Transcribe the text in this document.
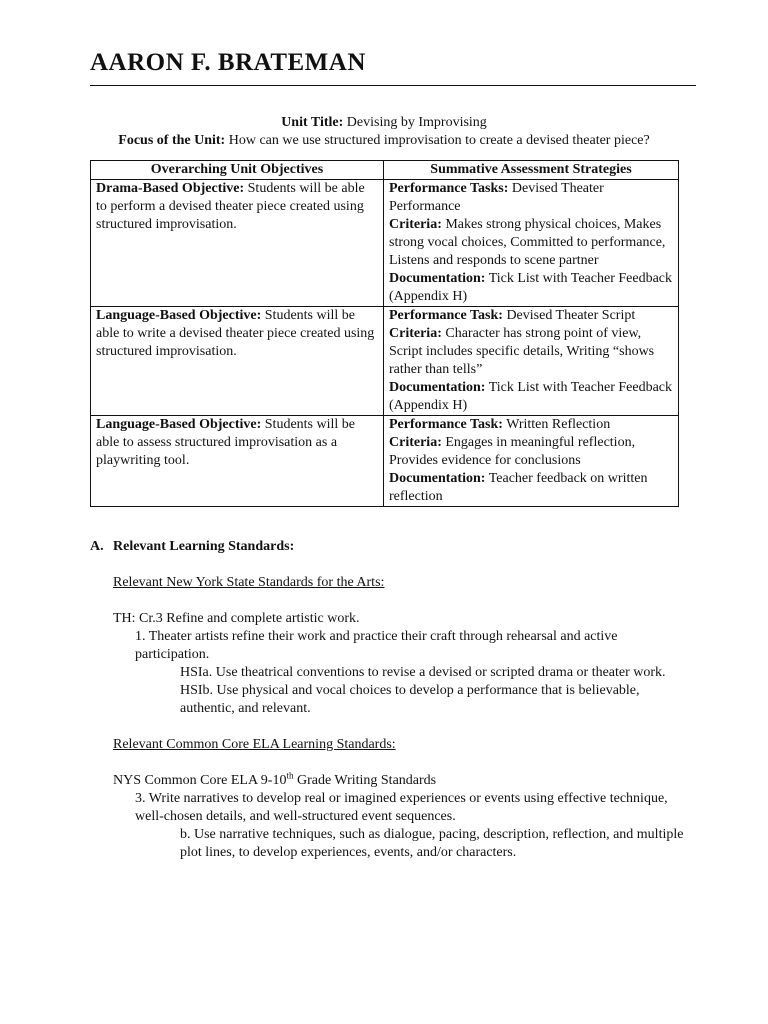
AARON F. BRATEMAN
Unit Title: Devising by Improvising
Focus of the Unit: How can we use structured improvisation to create a devised theater piece?
Overarching Unit Objectives	Summative Assessment Strategies
Drama-Based Objective: Students will be able to perform a devised theater piece created using structured improvisation.	Performance Tasks: Devised Theater Performance
Criteria: Makes strong physical choices, Makes strong vocal choices, Committed to performance, Listens and responds to scene partner
Documentation: Tick List with Teacher Feedback (Appendix H)

Language-Based Objective: Students will be able to write a devised theater piece created using structured improvisation.	Performance Task: Devised Theater Script
Criteria: Character has strong point of view, Script includes specific details, Writing “shows rather than tells”
Documentation: Tick List with Teacher Feedback (Appendix H)

Language-Based Objective: Students will be able to assess structured improvisation as a playwriting tool.	Performance Task: Written Reflection
Criteria: Engages in meaningful reflection, Provides evidence for conclusions
Documentation: Teacher feedback on written reflection
A. Relevant Learning Standards:
Relevant New York State Standards for the Arts:
TH: Cr.3 Refine and complete artistic work.
1. Theater artists refine their work and practice their craft through rehearsal and active participation.
HSIa. Use theatrical conventions to revise a devised or scripted drama or theater work.
HSIb. Use physical and vocal choices to develop a performance that is believable, authentic, and relevant.
Relevant Common Core ELA Learning Standards:
NYS Common Core ELA 9-10th Grade Writing Standards
3. Write narratives to develop real or imagined experiences or events using effective technique, well-chosen details, and well-structured event sequences.
b. Use narrative techniques, such as dialogue, pacing, description, reflection, and multiple plot lines, to develop experiences, events, and/or characters.
